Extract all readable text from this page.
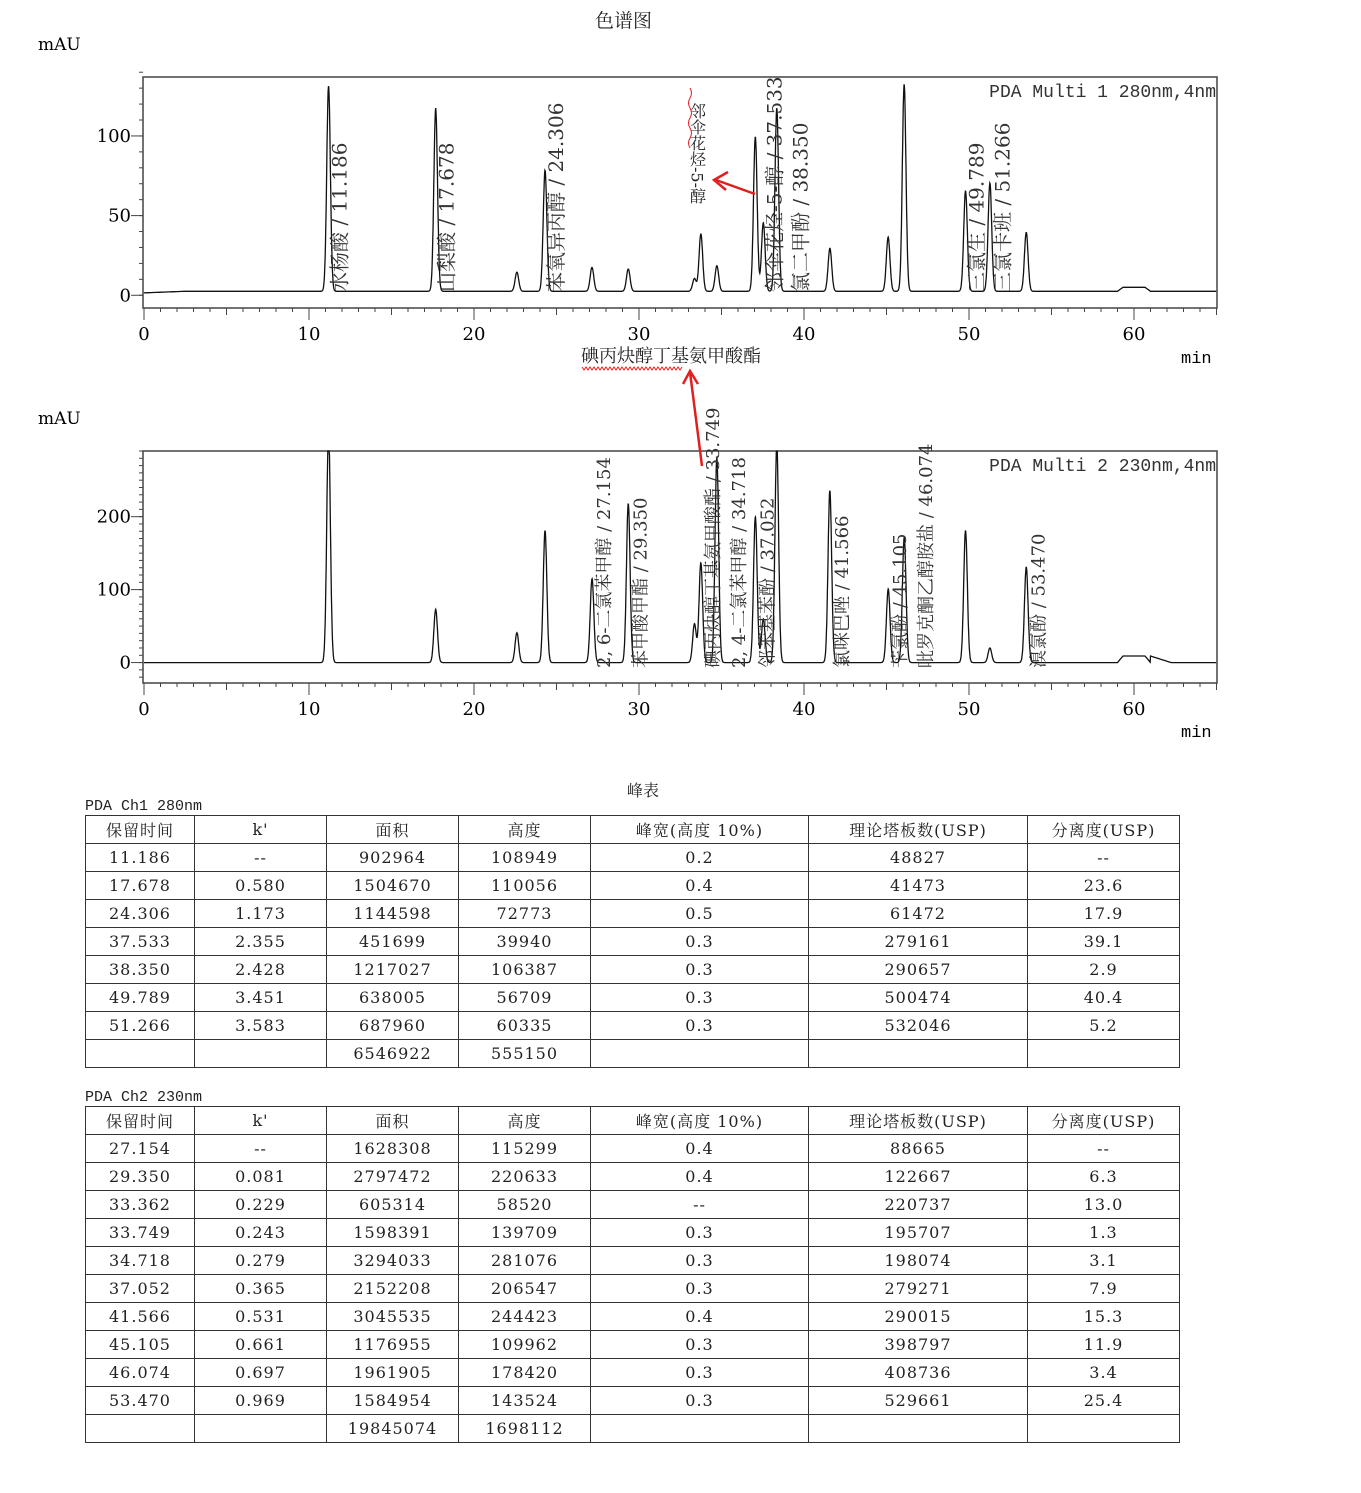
色谱图
mAU
min
PDA Multi 1 280nm,4nm
0	10	20	30	40	50	60
0
50
100
水杨酸 / 11.186	山梨酸 / 17.678	苯氧异丙醇 / 24.306	邻伞花烃-5-醇 / 37.533 氯二甲酚 / 38.350	三氯生 / 49.789 三氯卡班 / 51.266
邻伞花烃-5-醇
mAU
min
PDA Multi 2 230nm,4nm
0	10	20	30	40	50	60
0
100
200	2, 6-二氯苯甲醇 / 27.154 苯甲酸甲酯 / 29.350	碘丙炔醇丁基氨甲酸酯 / 33.749 2, 4-二氯苯甲醇 / 34.718 邻苯基苯酚 / 37.052	氯咪巴唑 / 41.566 苄氯酚 / 45.105 吡罗克酮乙醇胺盐 / 46.074	溴氯酚 / 53.470
碘丙炔醇丁基氨甲酸酯
峰表
PDA Ch1 280nm
保留时间	k'	面积	高度	峰宽(高度 10%)	理论塔板数(USP)	分离度(USP)
11.186	--	902964	108949	0.2	48827	--
17.678	0.580	1504670	110056	0.4	41473	23.6
24.306	1.173	1144598	72773	0.5	61472	17.9
37.533	2.355	451699	39940	0.3	279161	39.1
38.350	2.428	1217027	106387	0.3	290657	2.9
49.789	3.451	638005	56709	0.3	500474	40.4
51.266	3.583	687960	60335	0.3	532046	5.2
		6546922	555150			
PDA Ch2 230nm
保留时间	k'	面积	高度	峰宽(高度 10%)	理论塔板数(USP)	分离度(USP)
27.154	--	1628308	115299	0.4	88665	--
29.350	0.081	2797472	220633	0.4	122667	6.3
33.362	0.229	605314	58520	--	220737	13.0
33.749	0.243	1598391	139709	0.3	195707	1.3
34.718	0.279	3294033	281076	0.3	198074	3.1
37.052	0.365	2152208	206547	0.3	279271	7.9
41.566	0.531	3045535	244423	0.4	290015	15.3
45.105	0.661	1176955	109962	0.3	398797	11.9
46.074	0.697	1961905	178420	0.3	408736	3.4
53.470	0.969	1584954	143524	0.3	529661	25.4
		19845074	1698112			
